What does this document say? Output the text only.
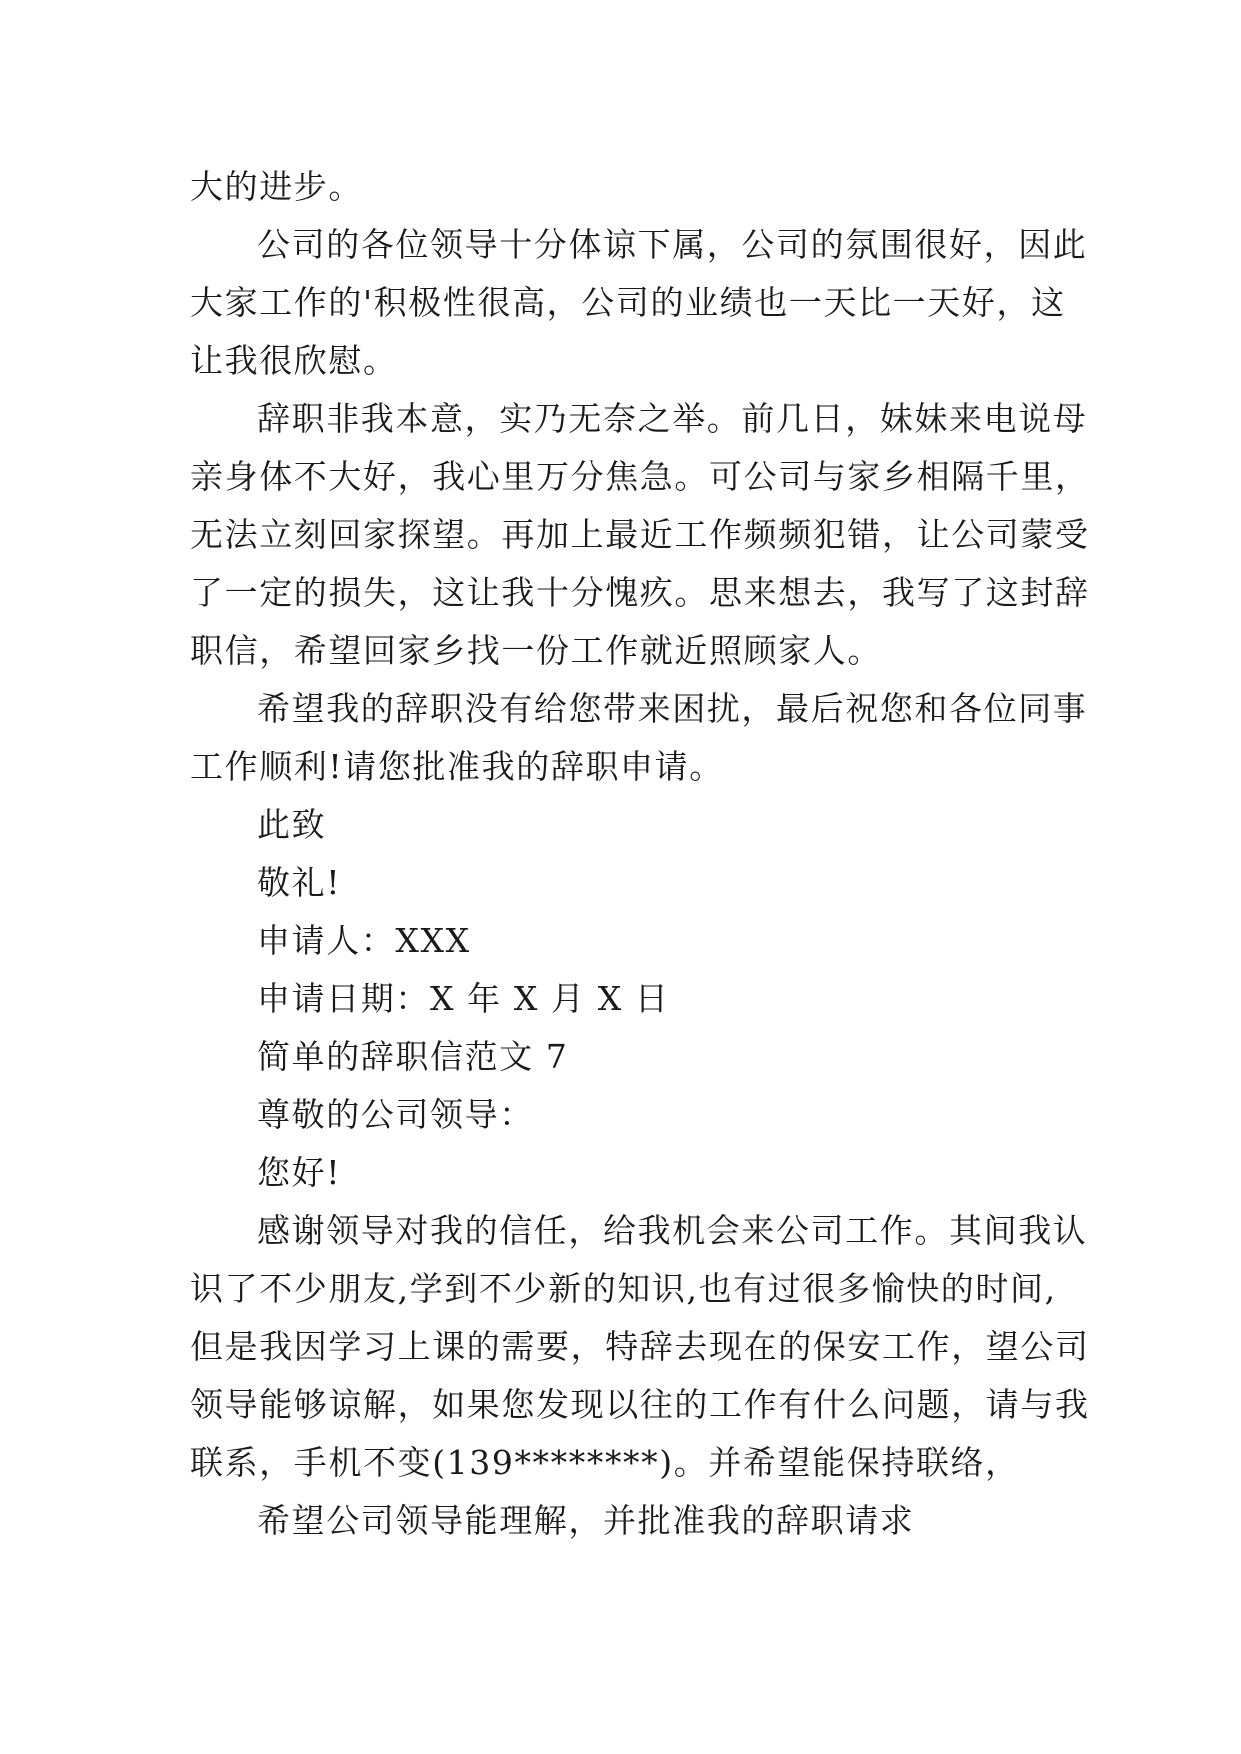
大的进步。
公司的各位领导十分体谅下属，公司的氛围很好，因此
大家工作的'积极性很高，公司的业绩也一天比一天好，这
让我很欣慰。
辞职非我本意，实乃无奈之举。前几日，妹妹来电说母
亲身体不大好，我心里万分焦急。可公司与家乡相隔千里，
无法立刻回家探望。再加上最近工作频频犯错，让公司蒙受
了一定的损失，这让我十分愧疚。思来想去，我写了这封辞
职信，希望回家乡找一份工作就近照顾家人。
希望我的辞职没有给您带来困扰，最后祝您和各位同事
工作顺利!请您批准我的辞职申请。
此致
敬礼!
申请人：XXX
申请日期：X 年 X 月 X 日
简单的辞职信范文 7
尊敬的公司领导：
您好!
感谢领导对我的信任，给我机会来公司工作。其间我认
识了不少朋友,学到不少新的知识,也有过很多愉快的时间,
但是我因学习上课的需要，特辞去现在的保安工作，望公司
领导能够谅解，如果您发现以往的工作有什么问题，请与我
联系，手机不变(139********)。并希望能保持联络，
希望公司领导能理解，并批准我的辞职请求
